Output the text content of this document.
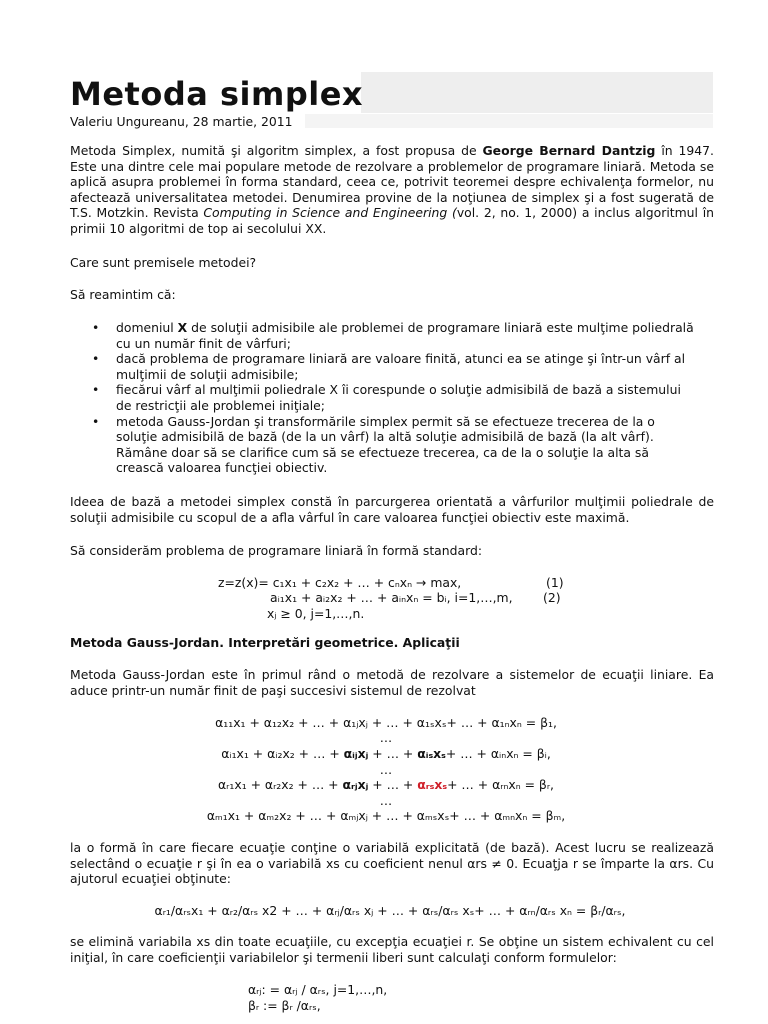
Metoda simplex

Valeriu Ungureanu, 28 martie, 2011

Metoda Simplex, numită şi algoritm simplex, a fost propusa de George Bernard Dantzig în 1947. Este una dintre cele mai populare metode de rezolvare a problemelor de programare liniară. Metoda se aplică asupra problemei în forma standard, ceea ce, potrivit teoremei despre echivalenţa formelor, nu afectează universalitatea metodei. Denumirea provine de la noţiunea de simplex şi a fost sugerată de T.S. Motzkin. Revista Computing in Science and Engineering (vol. 2, no. 1, 2000) a inclus algoritmul în primii 10 algoritmi de top ai secolului XX.

Care sunt premisele metodei?

Să reamintim că:

• domeniul X de soluţii admisibile ale problemei de programare liniară este mulţime poliedrală cu un număr finit de vârfuri;
• dacă problema de programare liniară are valoare finită, atunci ea se atinge şi într-un vârf al mulţimii de soluţii admisibile;
• fiecărui vârf al mulţimii poliedrale X îi corespunde o soluţie admisibilă de bază a sistemului de restricţii ale problemei iniţiale;
• metoda Gauss-Jordan şi transformările simplex permit să se efectueze trecerea de la o soluţie admisibilă de bază (de la un vârf) la altă soluţie admisibilă de bază (la alt vârf). Rămâne doar să se clarifice cum să se efectueze trecerea, ca de la o soluţie la alta să crească valoarea funcţiei obiectiv.

Ideea de bază a metodei simplex constă în parcurgerea orientată a vârfurilor mulţimii poliedrale de soluţii admisibile cu scopul de a afla vârful în care valoarea funcţiei obiectiv este maximă.

Să considerăm problema de programare liniară în formă standard:

z=z(x)= c₁x₁ + c₂x₂ + … + cₙxₙ → max,	(1)

aᵢ₁x₁ + aᵢ₂x₂ + … + aᵢₙxₙ = bᵢ, i=1,…,m, (2)

xⱼ ≥ 0, j=1,…,n.

Metoda Gauss-Jordan. Interpretări geometrice. Aplicaţii

Metoda Gauss-Jordan este în primul rând o metodă de rezolvare a sistemelor de ecuaţii liniare. Ea aduce printr-un număr finit de paşi succesivi sistemul de rezolvat

α₁₁x₁ + α₁₂x₂ + … + α₁ⱼxⱼ + … + α₁ₛxₛ+ … + α₁ₙxₙ = β₁,

…

αᵢ₁x₁ + αᵢ₂x₂ + … + αᵢⱼxⱼ + … + αᵢₛxₛ+ … + αᵢₙxₙ = βᵢ,

…

αᵣ₁x₁ + αᵣ₂x₂ + … + αᵣⱼxⱼ + … + αᵣₛxₛ+ … + αᵣₙxₙ = βᵣ,

…

αₘ₁x₁ + αₘ₂x₂ + … + αₘⱼxⱼ + … + αₘₛxₛ+ … + αₘₙxₙ = βₘ,

la o formă în care fiecare ecuaţie conţine o variabilă explicitată (de bază). Acest lucru se realizează selectând o ecuaţie r şi în ea o variabilă xs cu coeficient nenul αrs ≠ 0. Ecuaţja r se împarte la αrs. Cu ajutorul ecuaţiei obţinute:

αᵣ₁/αᵣₛx₁ + αᵣ₂/αᵣₛ x2 + … + αᵣⱼ/αᵣₛ xⱼ + … + αᵣₛ/αᵣₛ xₛ+ … + αᵣₙ/αᵣₛ xₙ = βᵣ/αᵣₛ,

se elimină variabila xs din toate ecuaţiile, cu excepţia ecuaţiei r. Se obţine un sistem echivalent cu cel iniţial, în care coeficienţii variabilelor şi termenii liberi sunt calculaţi conform formulelor:

αᵣⱼ: = αᵣⱼ / αᵣₛ, j=1,…,n,

βᵣ := βᵣ /αᵣₛ,
